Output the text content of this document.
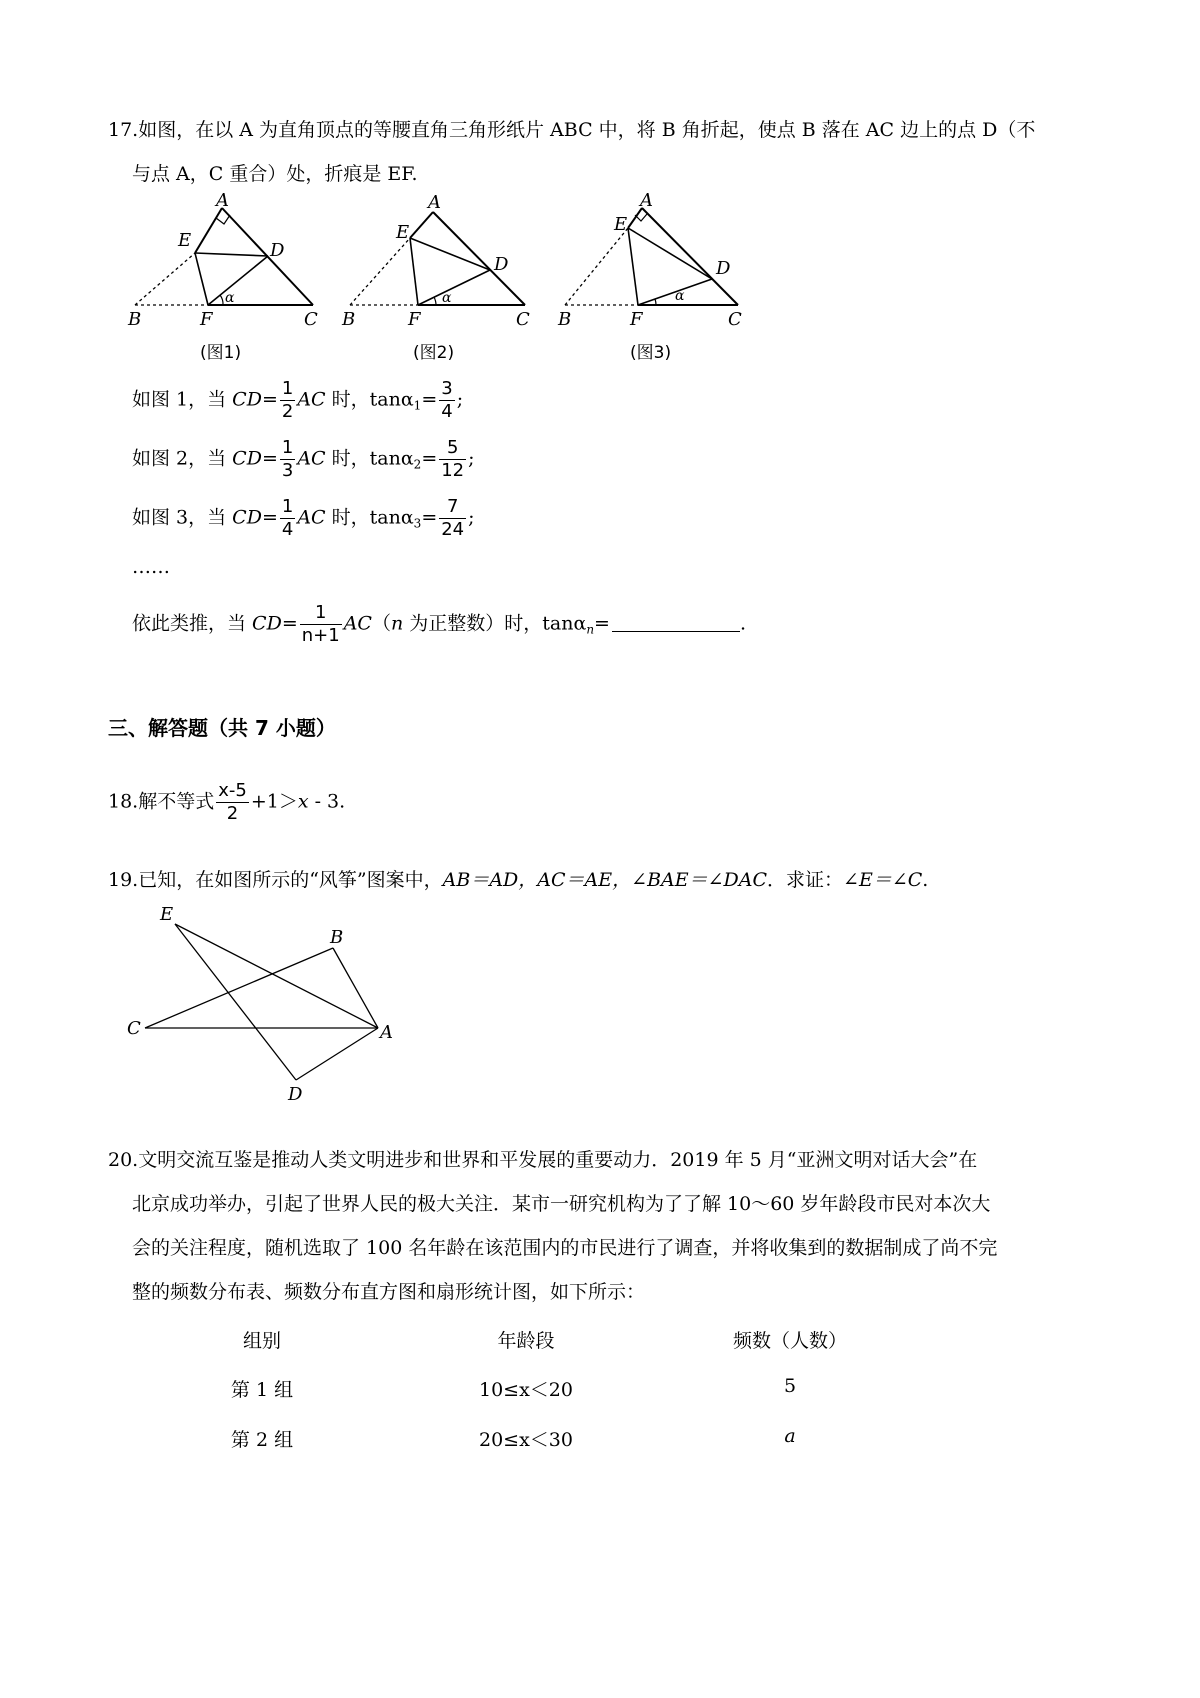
17.如图，在以 A 为直角顶点的等腰直角三角形纸片 ABC 中，将 B 角折起，使点 B 落在 AC 边上的点 D（不
与点 A，C 重合）处，折痕是 EF.
A
E	D
B	F	C
α
(图1)
A
E
D
B	F	C
α
(图2)
A
E
D
B	F	C
α
(图3)
如图 1，当 $CD= \frac{1}{2}$ AC 时，$\tan\alpha_1= \frac{3}{4}$ ;
如图 2，当 $CD= \frac{1}{3}$ AC 时，$\tan\alpha_2= \frac{5}{12}$ ;
如图 3，当 $CD= \frac{1}{4}$ AC 时，$\tan\alpha_3= \frac{7}{24}$ ;
……
依此类推，当 $CD= \frac{1}{n+1} AC(n$ 为正整数）时，tanα$_n$=	.
三、解答题（共 7 小题）
18.解不等式 $\frac{x-5}{2} +1>x - 3$.
19.已知，在如图所示的“风筝”图案中，AB＝AD，AC＝AE，∠BAE＝∠DAC．求证：∠E＝∠C.
E
B
C	A
D
20.文明交流互鉴是推动人类文明进步和世界和平发展的重要动力．2019 年 5 月“亚洲文明对话大会”在
北京成功举办，引起了世界人民的极大关注．某市一研究机构为了了解 10～60 岁年龄段市民对本次大
会的关注程度，随机选取了 100 名年龄在该范围内的市民进行了调查，并将收集到的数据制成了尚不完
整的频数分布表、频数分布直方图和扇形统计图，如下所示：
组别	年龄段	频数（人数）
第 1 组	10≤x＜20	5
第 2 组	20≤x＜30	a
